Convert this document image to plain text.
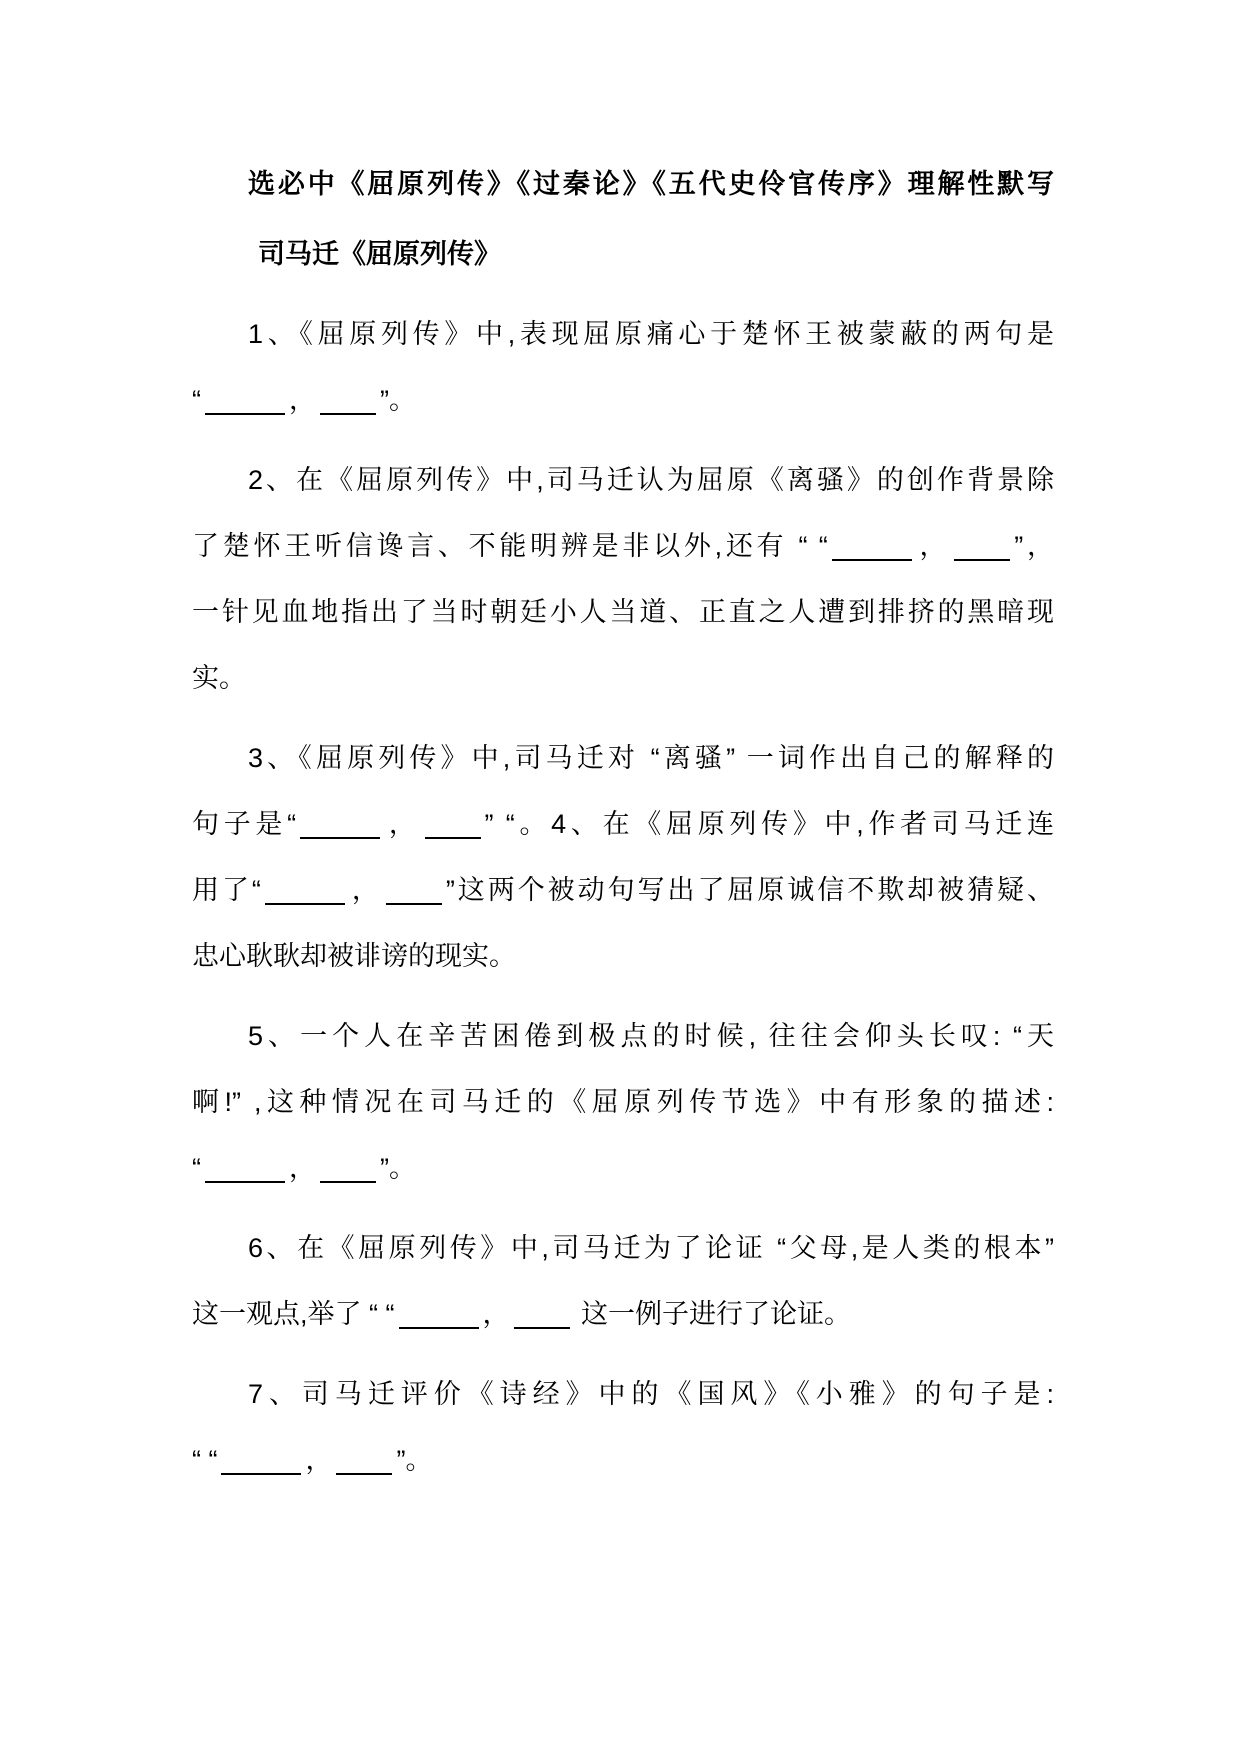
选必中《屈原列传》《过秦论》《五代史伶官传序》理解性默写
司马迁《屈原列传》
1、《屈原列传》中,表现屈原痛心于楚怀王被蒙蔽的两句是
“	， ”。
2、在《屈原列传》中,司马迁认为屈原《离骚》的创作背景除
了楚怀王听信谗言、不能明辨是非以外,还有 “ “	， ”，
一针见血地指出了当时朝廷小人当道、正直之人遭到排挤的黑暗现
实。
3、《屈原列传》中,司马迁对 “离骚” 一词作出自己的解释的
句子是“	， ” “。4、在《屈原列传》中,作者司马迁连
用了“	， ”这两个被动句写出了屈原诚信不欺却被猜疑、
忠心耿耿却被诽谤的现实。
5、一个人在辛苦困倦到极点的时候, 往往会仰头长叹: “天
啊!” ,这种情况在司马迁的《屈原列传节选》中有形象的描述:
“	， ”。
6、在《屈原列传》中,司马迁为了论证 “父母,是人类的根本”
这一观点,举了 “ “	， 这一例子进行了论证。
7、司马迁评价《诗经》中的《国风》《小雅》的句子是:
“ “	， ”。
